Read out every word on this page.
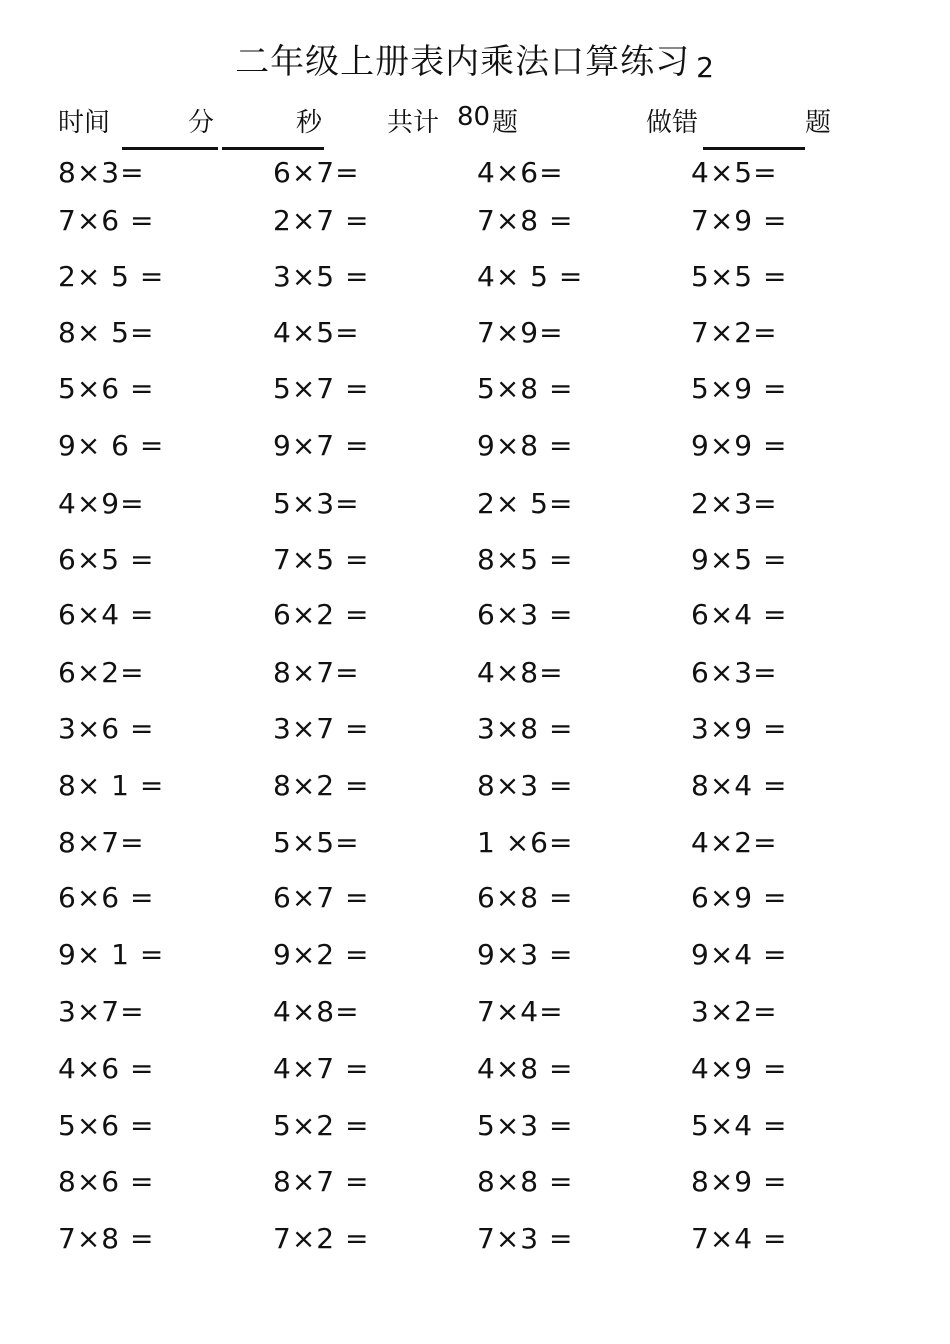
二年级上册表内乘法口算练习 2
时间	分	秒 共计 80 题	做错	题
8×3=	6×7=	4×6=	4×5=
7×6 =	2×7 =	7×8 =	7×9 =
2× 5 =	3×5 =	4× 5 =	5×5 =
8× 5=	4×5=	7×9=	7×2=
5×6 =	5×7 =	5×8 =	5×9 =
9× 6 =	9×7 =	9×8 =	9×9 =
4×9=	5×3=	2× 5=	2×3=
6×5 =	7×5 =	8×5 =	9×5 =
6×4 =	6×2 =	6×3 =	6×4 =
6×2=	8×7=	4×8=	6×3=
3×6 =	3×7 =	3×8 =	3×9 =
8× 1 =	8×2 =	8×3 =	8×4 =
8×7=	5×5=	1 ×6=	4×2=
6×6 =	6×7 =	6×8 =	6×9 =
9× 1 =	9×2 =	9×3 =	9×4 =
3×7=	4×8=	7×4=	3×2=
4×6 =	4×7 =	4×8 =	4×9 =
5×6 =	5×2 =	5×3 =	5×4 =
8×6 =	8×7 =	8×8 =	8×9 =
7×8 =	7×2 =	7×3 =	7×4 =
